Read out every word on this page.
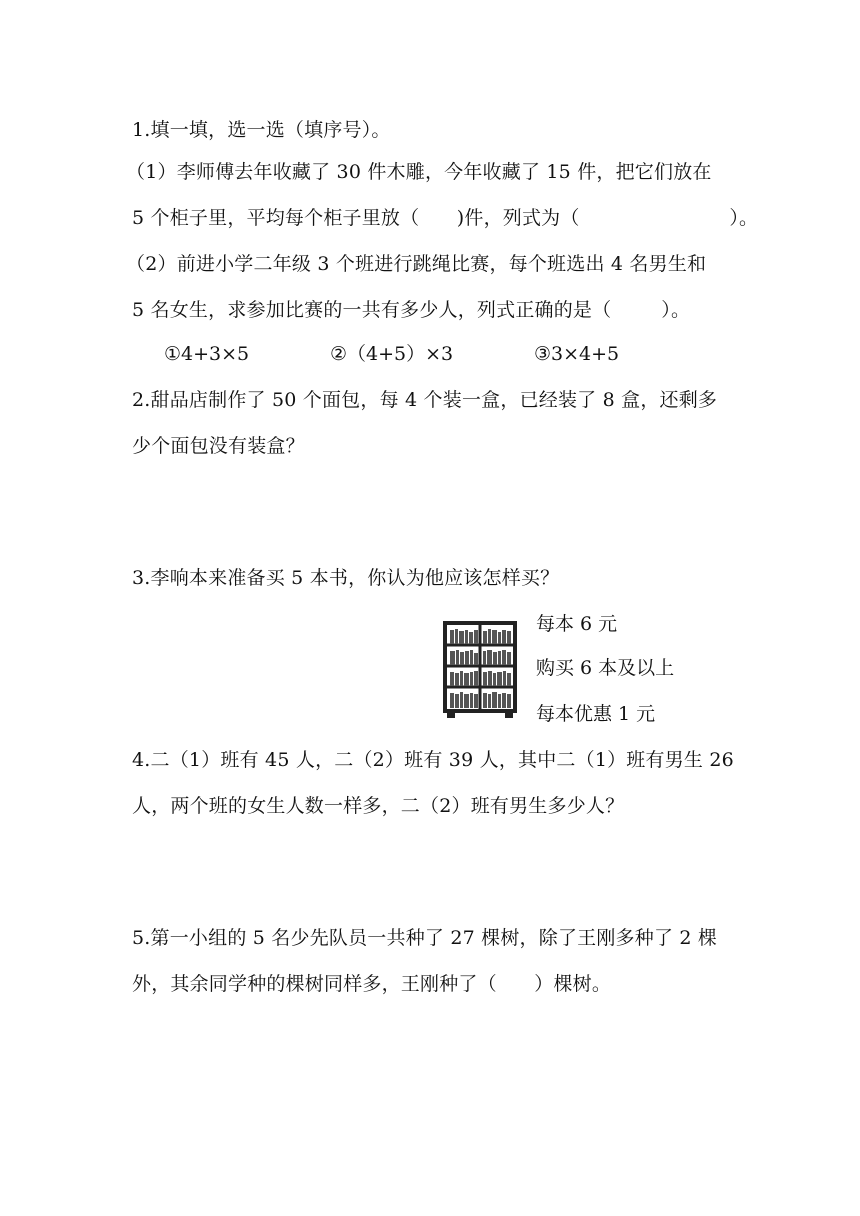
1.填一填，选一选（填序号）。
（1）李师傅去年收藏了 30 件木雕，今年收藏了 15 件，把它们放在
5 个柜子里，平均每个柜子里放（      )件，列式为（                        ）。
（2）前进小学二年级 3 个班进行跳绳比赛，每个班选出 4 名男生和
5 名女生，求参加比赛的一共有多少人，列式正确的是（        ）。
①4+3×5	②（4+5）×3	③3×4+5
2.甜品店制作了 50 个面包，每 4 个装一盒，已经装了 8 盒，还剩多
少个面包没有装盒？
3.李响本来准备买 5 本书，你认为他应该怎样买？
每本 6 元
购买 6 本及以上
每本优惠 1 元
4.二（1）班有 45 人，二（2）班有 39 人，其中二（1）班有男生 26
人，两个班的女生人数一样多，二（2）班有男生多少人？
5.第一小组的 5 名少先队员一共种了 27 棵树，除了王刚多种了 2 棵
外，其余同学种的棵树同样多，王刚种了（      ）棵树。
